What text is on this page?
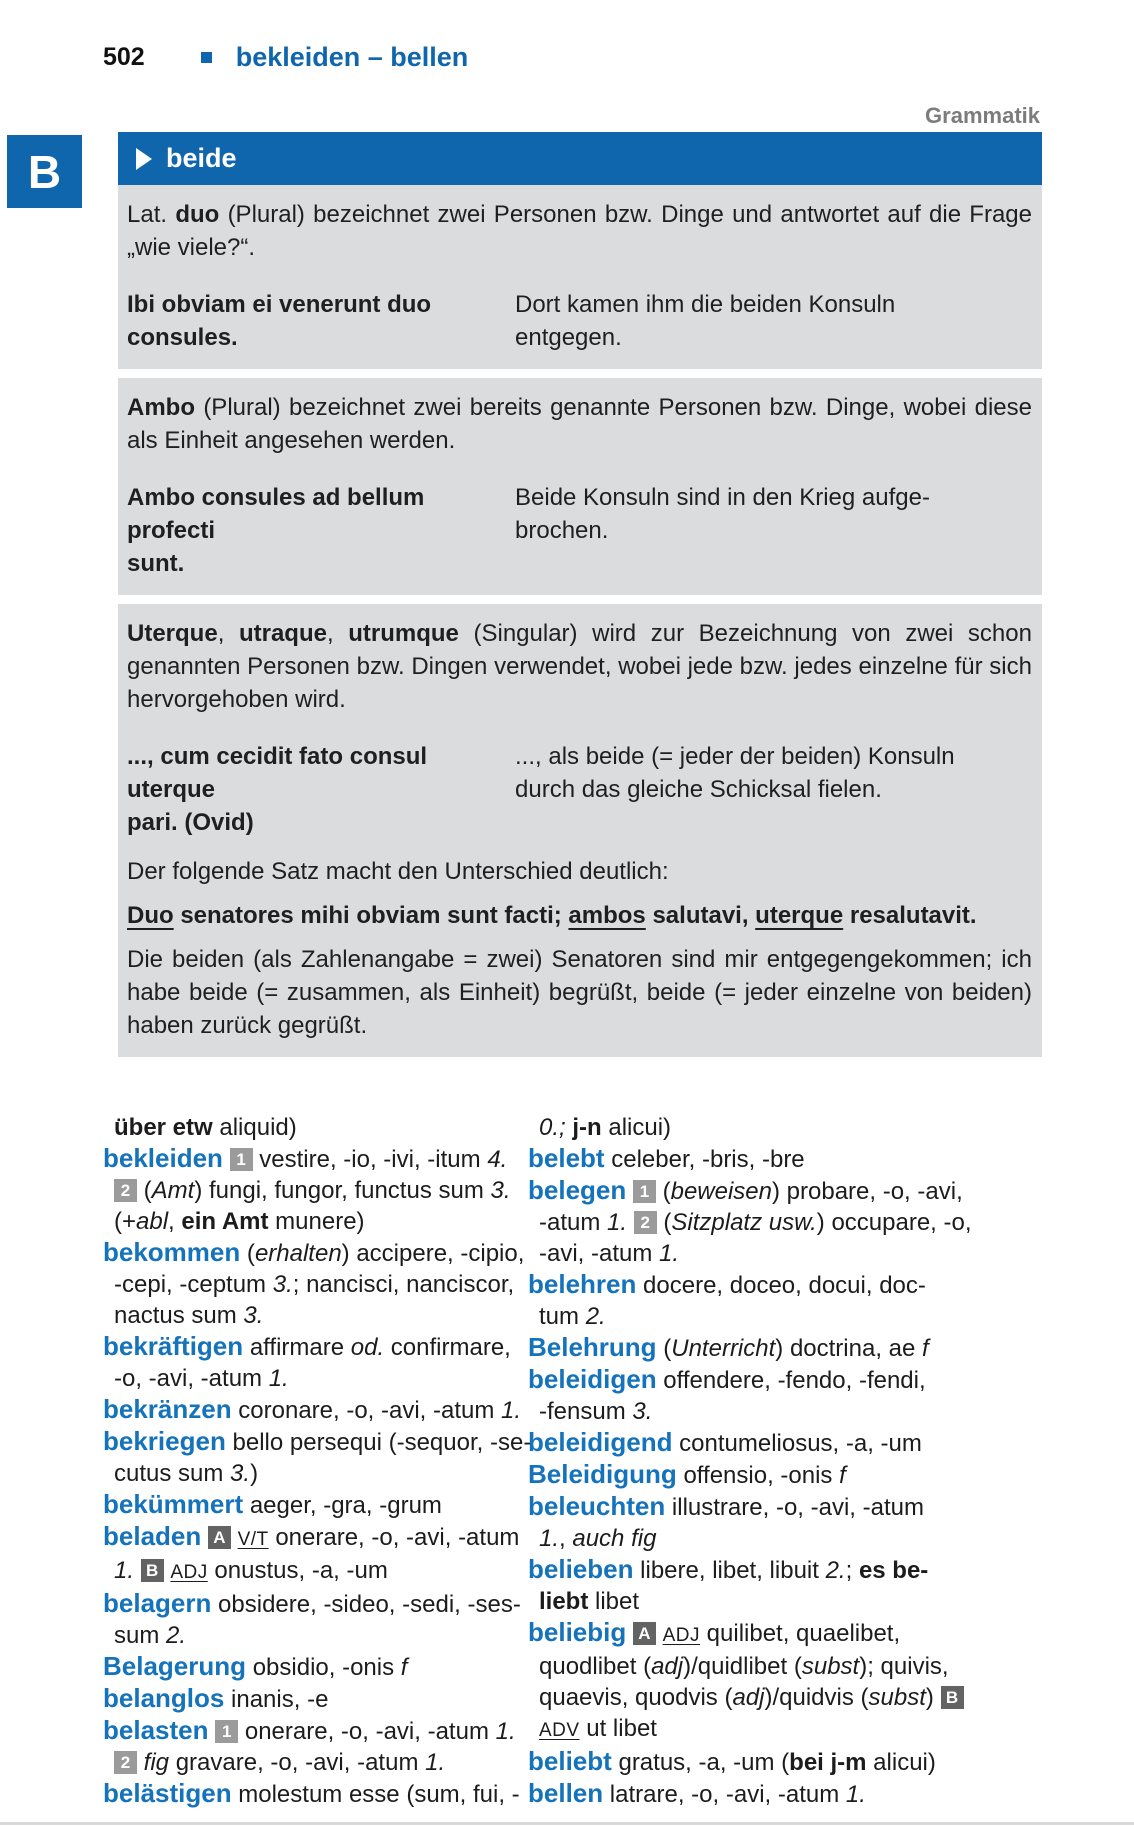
B
502	bekleiden – bellen
Grammatik
beide

Lat. duo (Plural) bezeichnet zwei Personen bzw. Dinge und antwortet auf die Frage „wie viele?“.

Ibi obviam ei venerunt duo
consules.
Dort kamen ihm die beiden Konsuln
entgegen.

Ambo (Plural) bezeichnet zwei bereits genannte Personen bzw. Dinge, wobei diese als Einheit angesehen werden.

Ambo consules ad bellum profecti
sunt.
Beide Konsuln sind in den Krieg aufge-
brochen.

Uterque, utraque, utrumque (Singular) wird zur Bezeichnung von zwei schon genannten Personen bzw. Dingen verwendet, wobei jede bzw. jedes einzelne für sich hervorgehoben wird.

..., cum cecidit fato consul uterque
pari. (Ovid)
..., als beide (= jeder der beiden) Konsuln
durch das gleiche Schicksal fielen.

Der folgende Satz macht den Unterschied deutlich:

Duo senatores mihi obviam sunt facti; ambos salutavi, uterque resalutavit.

Die beiden (als Zahlenangabe = zwei) Senatoren sind mir entgegengekommen; ich habe beide (= zusammen, als Einheit) begrüßt, beide (= jeder einzelne von beiden) haben zurück gegrüßt.

über etw aliquid)
bekleiden 1 vestire, -io, -ivi, -itum 4.
2 (Amt) fungi, fungor, functus sum 3.
(+abl, ein Amt munere)
bekommen (erhalten) accipere, -cipio,
-cepi, -ceptum 3.; nancisci, nanciscor,
nactus sum 3.
bekräftigen affirmare od. confirmare,
-o, -avi, -atum 1.
bekränzen coronare, -o, -avi, -atum 1.
bekriegen bello persequi (-sequor, -se-
cutus sum 3.)
bekümmert aeger, -gra, -grum
beladen A V/T onerare, -o, -avi, -atum
1. B ADJ onustus, -a, -um
belagern obsidere, -sideo, -sedi, -ses-
sum 2.
Belagerung obsidio, -onis f
belanglos inanis, -e
belasten 1 onerare, -o, -avi, -atum 1.
2 fig gravare, -o, -avi, -atum 1.
belästigen molestum esse (sum, fui, -
0.; j-n alicui)
belebt celeber, -bris, -bre
belegen 1 (beweisen) probare, -o, -avi,
-atum 1. 2 (Sitzplatz usw.) occupare, -o,
-avi, -atum 1.
belehren docere, doceo, docui, doc-
tum 2.
Belehrung (Unterricht) doctrina, ae f
beleidigen offendere, -fendo, -fendi,
-fensum 3.
beleidigend contumeliosus, -a, -um
Beleidigung offensio, -onis f
beleuchten illustrare, -o, -avi, -atum
1., auch fig
belieben libere, libet, libuit 2.; es be-
liebt libet
beliebig A ADJ quilibet, quaelibet,
quodlibet (adj)/quidlibet (subst); quivis,
quaevis, quodvis (adj)/quidvis (subst) B
ADV ut libet
beliebt gratus, -a, -um (bei j-m alicui)
bellen latrare, -o, -avi, -atum 1.
